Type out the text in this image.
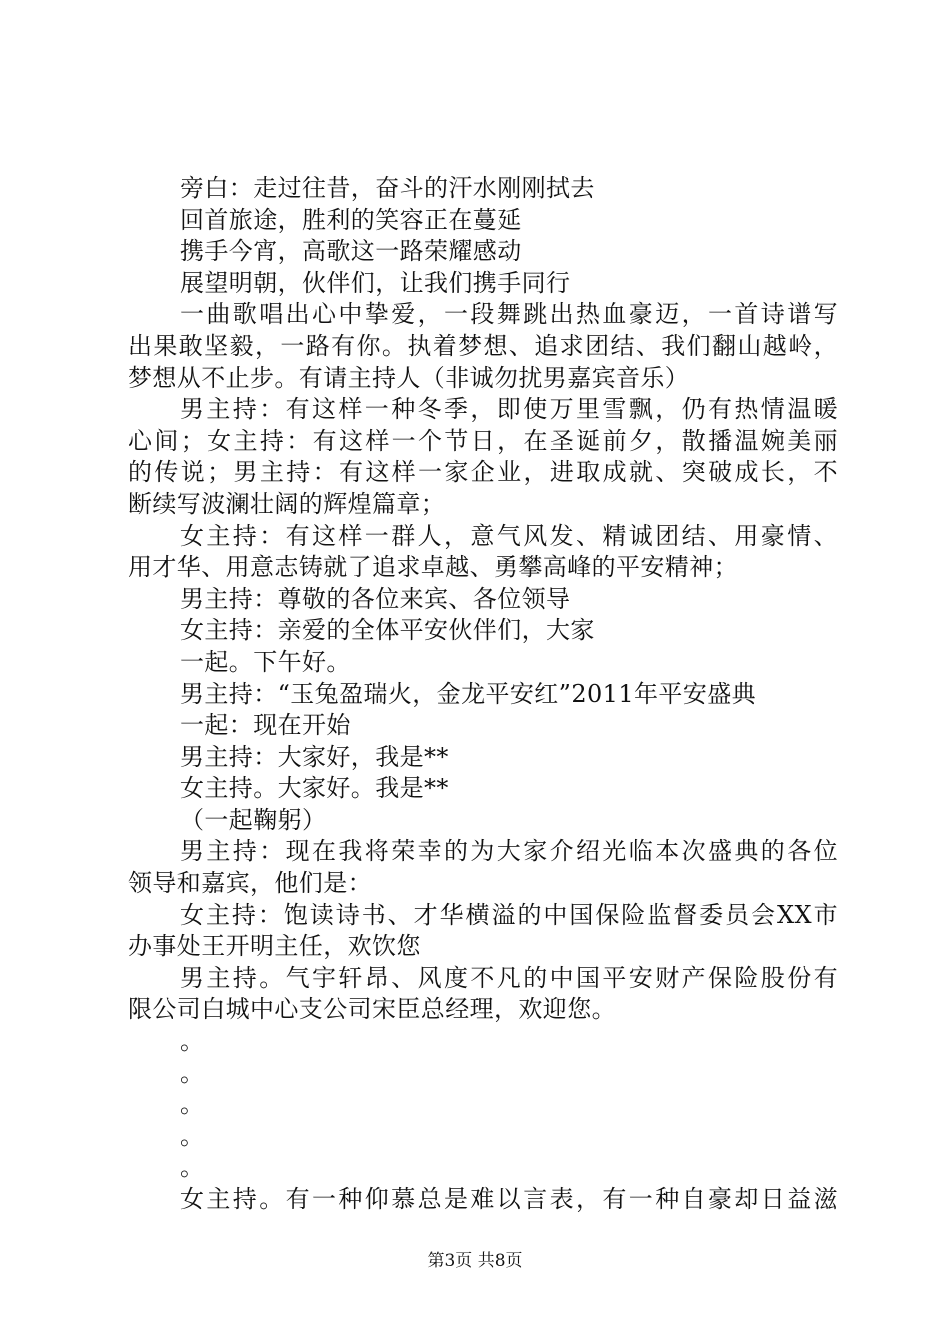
旁白：走过往昔，奋斗的汗水刚刚拭去
回首旅途，胜利的笑容正在蔓延
携手今宵，高歌这一路荣耀感动
展望明朝，伙伴们，让我们携手同行
一曲歌唱出心中挚爱，一段舞跳出热血豪迈，一首诗谱写
出果敢坚毅，一路有你。执着梦想、追求团结、我们翻山越岭，
梦想从不止步。有请主持人（非诚勿扰男嘉宾音乐）
男主持：有这样一种冬季，即使万里雪飘，仍有热情温暖
心间；女主持：有这样一个节日，在圣诞前夕，散播温婉美丽
的传说；男主持：有这样一家企业，进取成就、突破成长，不
断续写波澜壮阔的辉煌篇章；
女主持：有这样一群人，意气风发、精诚团结、用豪情、
用才华、用意志铸就了追求卓越、勇攀高峰的平安精神；
男主持：尊敬的各位来宾、各位领导
女主持：亲爱的全体平安伙伴们，大家
一起。下午好。
男主持：“玉兔盈瑞火，金龙平安红”2011年平安盛典
一起：现在开始
男主持：大家好，我是**
女主持。大家好。我是**
（一起鞠躬）
男主持：现在我将荣幸的为大家介绍光临本次盛典的各位
领导和嘉宾，他们是：
女主持：饱读诗书、才华横溢的中国保险监督委员会XX市
办事处王开明主任，欢饮您
男主持。气宇轩昂、风度不凡的中国平安财产保险股份有
限公司白城中心支公司宋臣总经理，欢迎您。
。
。
。
。
。
女主持。有一种仰慕总是难以言表，有一种自豪却日益滋
第3页 共8页
